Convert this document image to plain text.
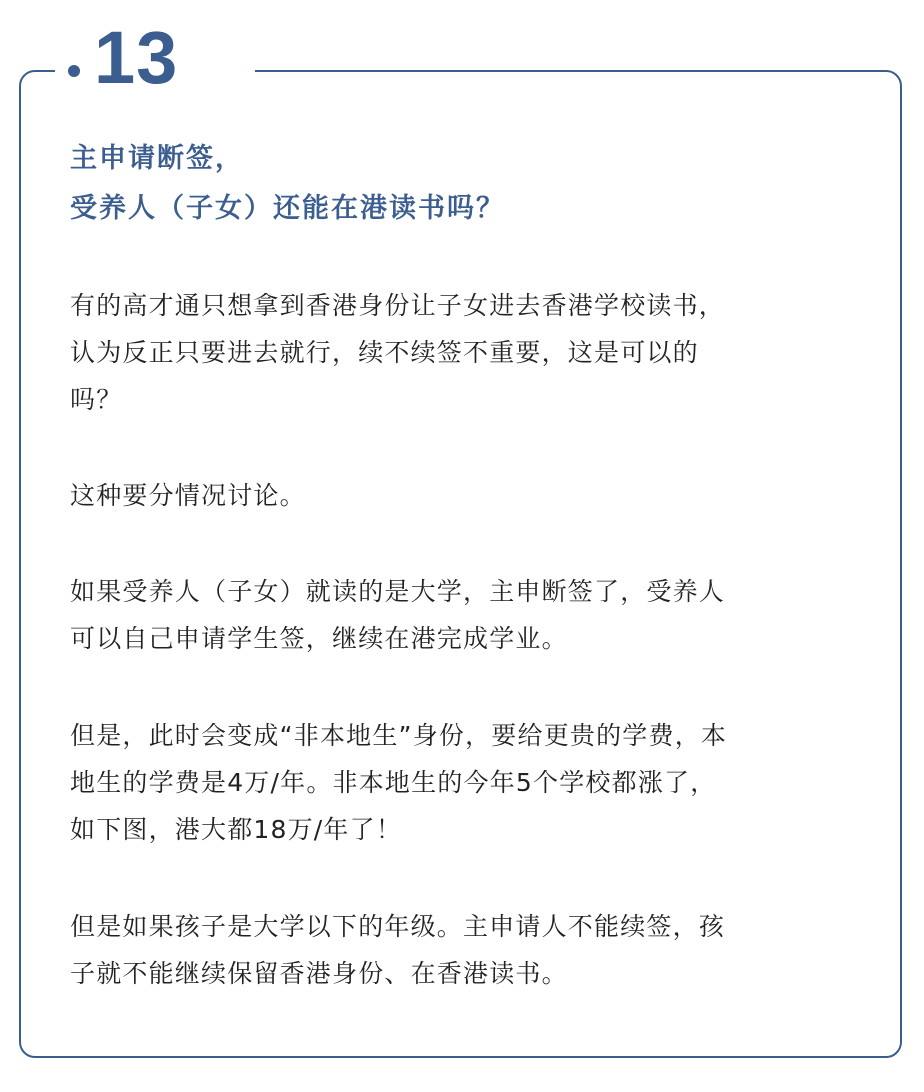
13
主申请断签，
受养人（子女）还能在港读书吗？

有的高才通只想拿到香港身份让子女进去香港学校读书，
认为反正只要进去就行，续不续签不重要，这是可以的
吗？

这种要分情况讨论。

如果受养人（子女）就读的是大学，主申断签了，受养人
可以自己申请学生签，继续在港完成学业。

但是，此时会变成“非本地生”身份，要给更贵的学费，本
地生的学费是4万/年。非本地生的今年5个学校都涨了，
如下图，港大都18万/年了！

但是如果孩子是大学以下的年级。主申请人不能续签，孩
子就不能继续保留香港身份、在香港读书。
